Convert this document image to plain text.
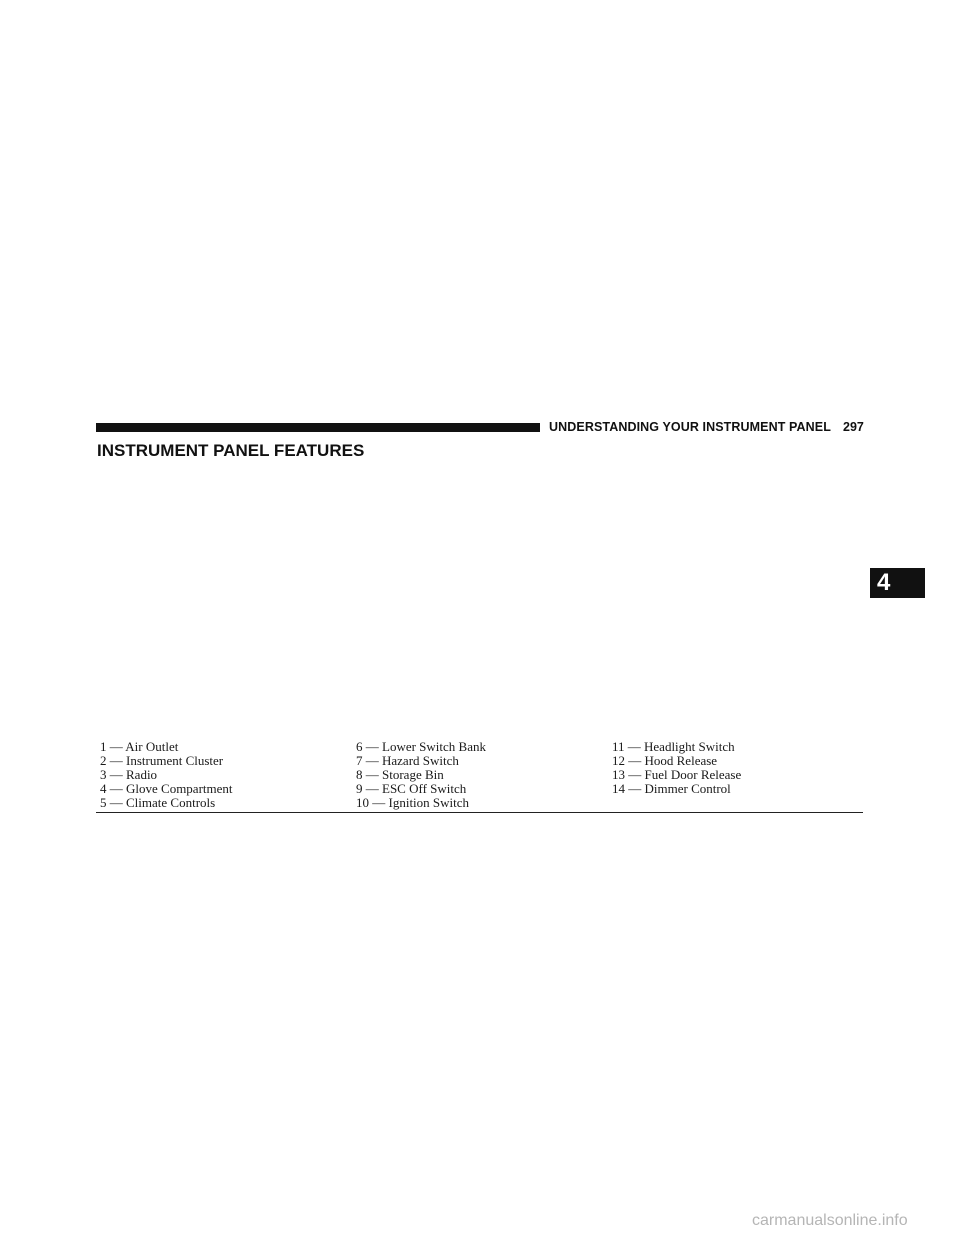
UNDERSTANDING YOUR INSTRUMENT PANEL 297
INSTRUMENT PANEL FEATURES
4
1 — Air Outlet
2 — Instrument Cluster
3 — Radio
4 — Glove Compartment
5 — Climate Controls
6 — Lower Switch Bank
7 — Hazard Switch
8 — Storage Bin
9 — ESC Off Switch
10 — Ignition Switch
11 — Headlight Switch
12 — Hood Release
13 — Fuel Door Release
14 — Dimmer Control
carmanualsonline.info
